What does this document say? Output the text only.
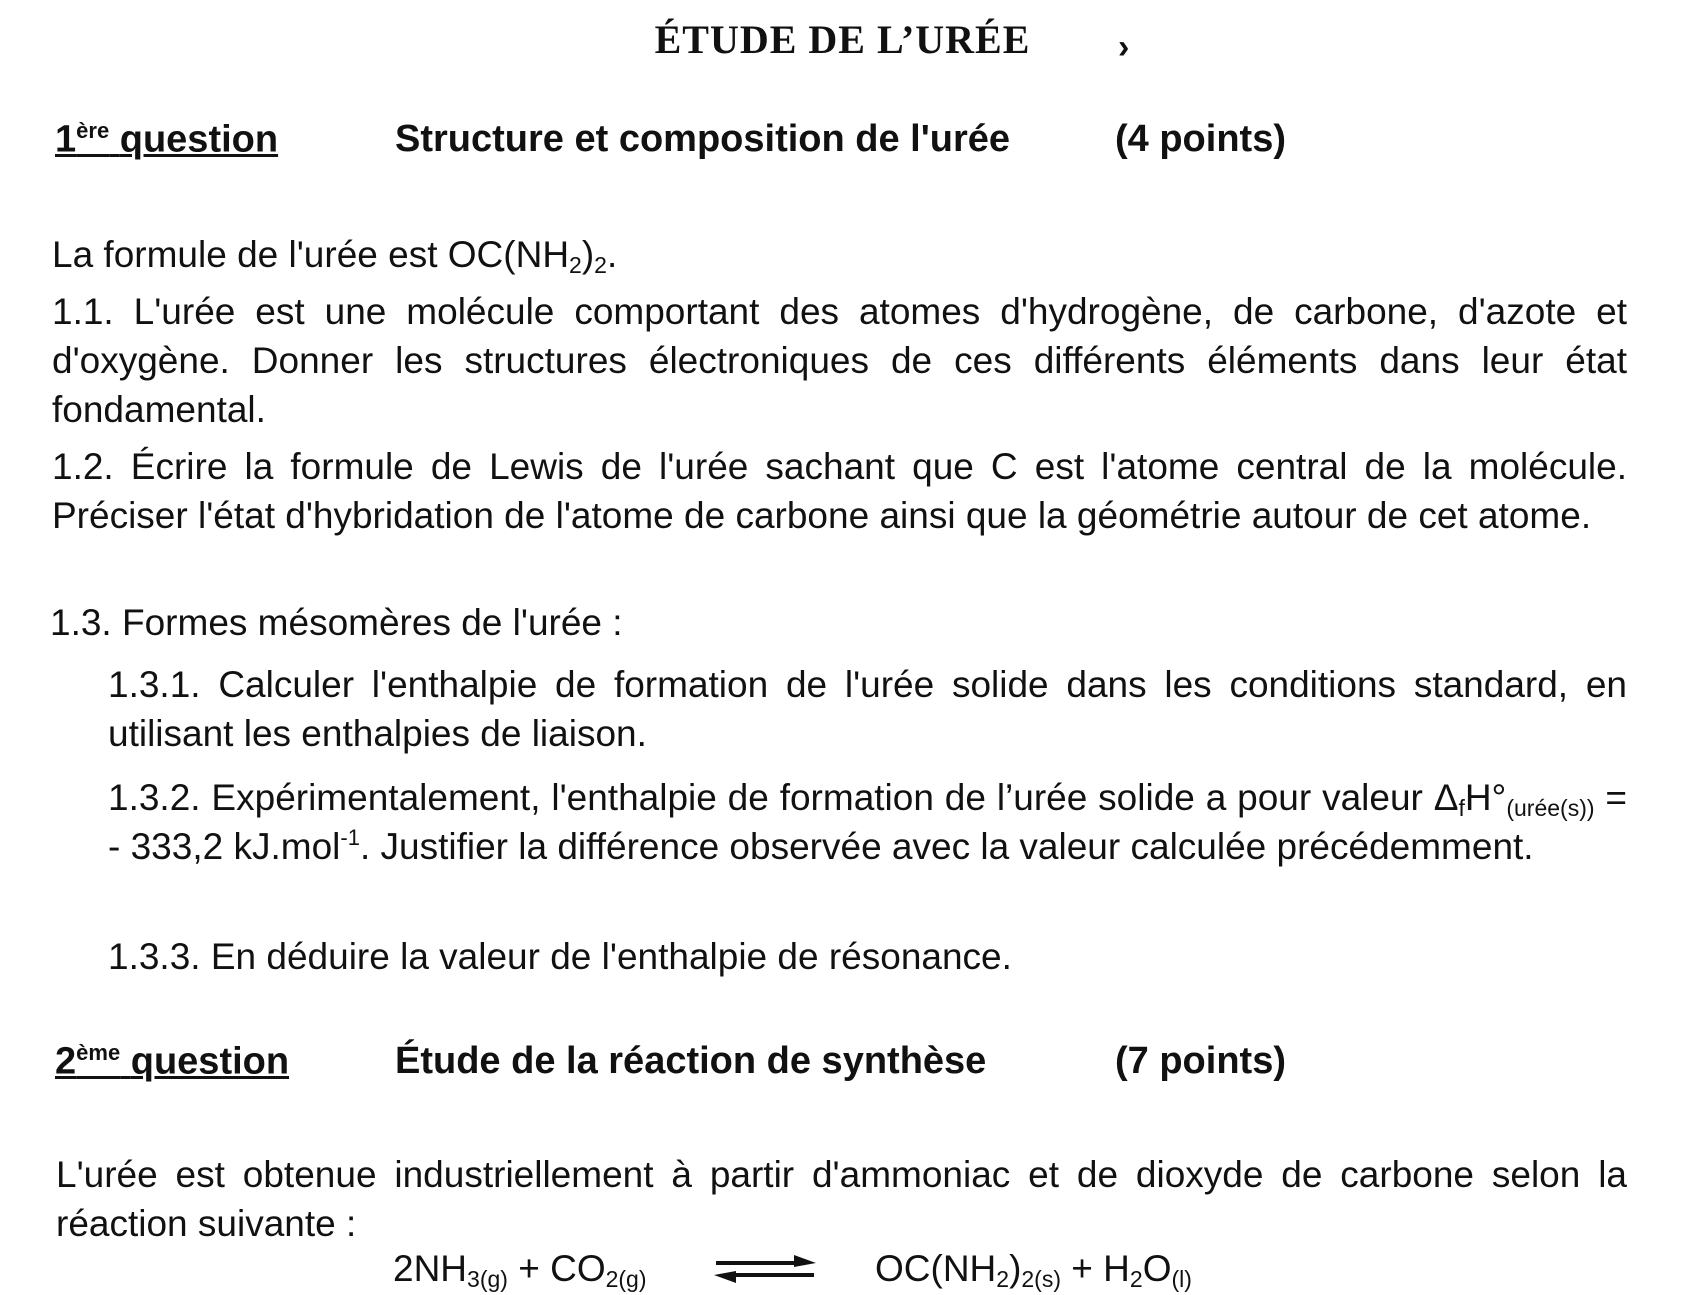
ÉTUDE DE L’URÉE	›
1ère question	Structure et composition de l'urée	(4 points)
La formule de l'urée est $OC(NH_2)_2$.
1.1. L'urée est une molécule comportant des atomes d'hydrogène, de carbone, d'azote et d'oxygène. Donner les structures électroniques de ces différents éléments dans leur état fondamental.
1.2. Écrire la formule de Lewis de l'urée sachant que C est l'atome central de la molécule. Préciser l'état d'hybridation de l'atome de carbone ainsi que la géométrie autour de cet atome.
1.3. Formes mésomères de l'urée :
1.3.1. Calculer l'enthalpie de formation de l'urée solide dans les conditions standard, en utilisant les enthalpies de liaison.
1.3.2. Expérimentalement, l'enthalpie de formation de l’urée solide a pour valeur $\Delta_fH^\circ_{(urée(s))}$ = - 333,2 kJ.mol$^{-1}$. Justifier la différence observée avec la valeur calculée précédemment.
1.3.3. En déduire la valeur de l'enthalpie de résonance.
2ème question	Étude de la réaction de synthèse	(7 points)
L'urée est obtenue industriellement à partir d'ammoniac et de dioxyde de carbone selon la réaction suivante :
$2NH_{3(g)} + CO_{2(g)}$	$OC(NH_2)_{2(s)} + H_2O_{(l)}$
